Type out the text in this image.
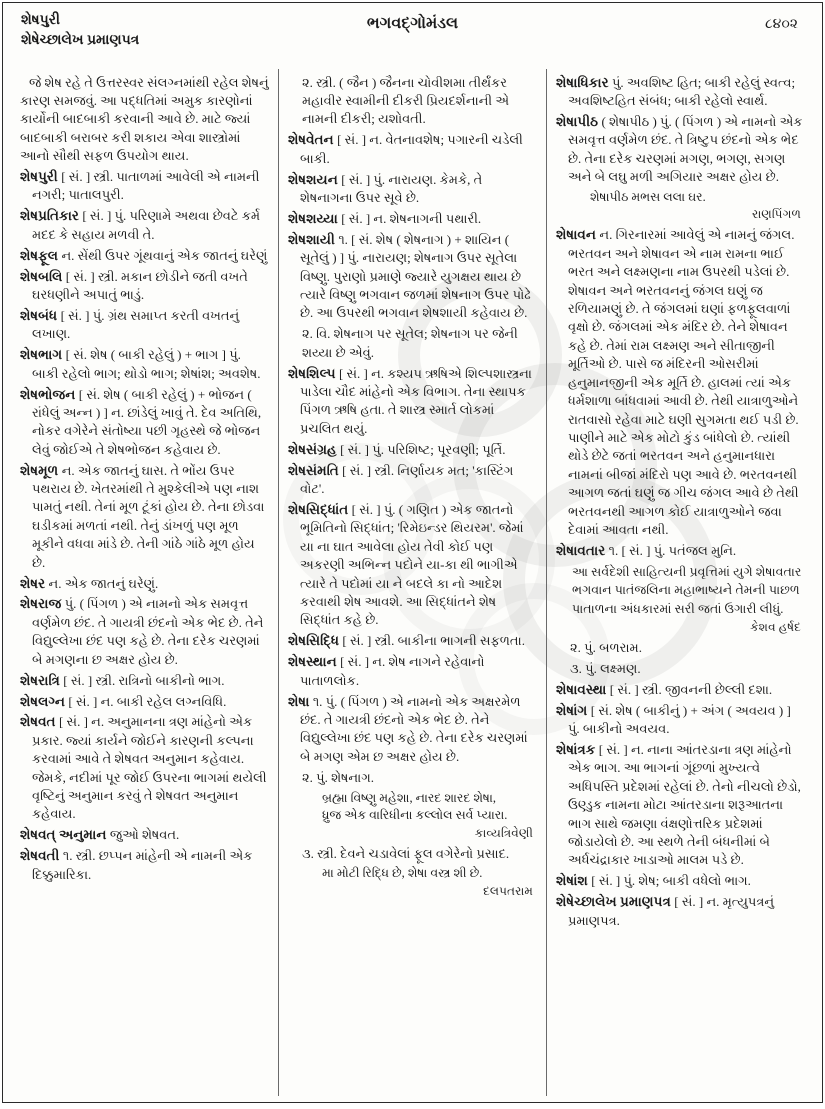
શેષપુરી
શેષેચ્છાલેખ પ્રમાણપત્ર
ભગવદ્ગોમંડલ	૮૪૦૨

જે શેષ રહે તે ઉત્તરસ્વર સંલગ્નમાંથી રહેલ શેષનું કારણ સમજવું. આ પદ્ધતિમાં અમુક કારણોનાં કાર્યોની બાદબાકી કરવાની આવે છે. માટે જ્યાં બાદબાકી બરાબર કરી શકાય એવા શાસ્ત્રોમાં આનો સૌથી સફળ ઉપયોગ થાય.

શેષપુરી [ સં. ] સ્ત્રી. પાતાળમાં આવેલી એ નામની નગરી; પાતાલપુરી.

શેષપ્રતિકાર [ સં. ] પું. પરિણામે અથવા છેવટે કર્મ મદદ કે સહાય મળવી તે.

શેષફૂલ ન. સેંથી ઉપર ગૂંથવાનું એક જાતનું ઘરેણું

શેષબલિ [ સં. ] સ્ત્રી. મકાન છોડીને જતી વખતે ઘરધણીને અપાતું ભાડું.

શેષબંધ [ સં. ] પું. ગ્રંથ સમાપ્ત કરતી વખતનું લખાણ.

શેષભાગ [ સં. શેષ ( બાકી રહેલું ) + ભાગ ] પું. બાકી રહેલો ભાગ; થોડો ભાગ; શેષાંશ; અવશેષ.

શેષભોજન [ સં. શેષ ( બાકી રહેલું ) + ભોજન ( રાંધેલું અન્ન ) ] ન. છાંડેલું ખાવું તે. દેવ અતિથિ, નોકર વગેરેને સંતોષ્યા પછી ગૃહસ્થે જે ભોજન લેવું જોઈએ તે શેષભોજન કહેવાય છે.

શેષમૂળ ન. એક જાતનું ઘાસ. તે ભોંય ઉપર પથરાય છે. ખેતરમાંથી તે મુશ્કેલીએ પણ નાશ પામતું નથી. તેનાં મૂળ ટૂંકાં હોય છે. તેના છોડવા ઘડીકમાં મળતાં નથી. તેનું ડાંખળું પણ મૂળ મૂકીને વધવા માંડે છે. તેની ગાંઠે ગાંઠે મૂળ હોય છે.

શેષર ન. એક જાતનું ઘરેણું.

શેષરાજ પું. ( પિંગળ ) એ નામનો એક સમવૃત્ત વર્ણમેળ છંદ. તે ગાયત્રી છંદનો એક ભેદ છે. તેને વિદ્યુલ્લેખા છંદ પણ કહે છે. તેના દરેક ચરણમાં બે મગણના છ અક્ષર હોય છે.

શેષરાત્રિ [ સં. ] સ્ત્રી. રાત્રિનો બાકીનો ભાગ.

શેષલગ્ન [ સં. ] ન. બાકી રહેલ લગ્નવિધિ.

શેષવત [ સં. ] ન. અનુમાનના ત્રણ માંહેનો એક પ્રકાર. જ્યાં કાર્યને જોઈને કારણની કલ્પના કરવામાં આવે તે શેષવત અનુમાન કહેવાય. જેમકે, નદીમાં પૂર જોઈ ઉપરના ભાગમાં થયેલી વૃષ્ટિનું અનુમાન કરવું તે શેષવત અનુમાન કહેવાય.

શેષવત્ અનુમાન જુઓ શેષવત.

શેષવતી ૧. સ્ત્રી. છપ્પન માંહેની એ નામની એક દિક્કુમારિકા.

૨. સ્ત્રી. ( જૈન ) જૈનના ચોવીશમા તીર્થંકર મહાવીર સ્વામીની દીકરી પ્રિયદર્શનાની એ નામની દીકરી; યશોવતી.

શેષવેતન [ સં. ] ન. વેતનાવશેષ; પગારની ચડેલી બાકી.

શેષશયન [ સં. ] પું. નારાયણ. કેમકે, તે શેષનાગના ઉપર સૂવે છે.

શેષશય્યા [ સં. ] ન. શેષનાગની પથારી.

શેષશાયી ૧. [ સં. શેષ ( શેષનાગ ) + શાયિન ( સૂતેલું ) ] પું. નારાયણ; શેષનાગ ઉપર સૂતેલા વિષ્ણુ. પુરાણો પ્રમાણે જ્યારે યુગક્ષય થાય છે ત્યારે વિષ્ણુ ભગવાન જળમાં શેષનાગ ઉપર પોઢે છે. આ ઉપરથી ભગવાન શેષશાયી કહેવાય છે.

૨. વિ. શેષનાગ પર સૂતેલ; શેષનાગ પર જેની શય્યા છે એવું.

શેષશિલ્પ [ સં. ] ન. કશ્યપ ઋષિએ શિલ્પશાસ્ત્રના પાડેલા ચૌદ માંહેનો એક વિભાગ. તેના સ્થાપક પિંગળ ઋષિ હતા. તે શાસ્ત્ર સ્માર્ત લોકમાં પ્રચલિત થયું.

શેષસંગ્રહ [ સં. ] પું. પરિશિષ્ટ; પૂરવણી; પૂર્તિ.

શેષસંમતિ [ સં. ] સ્ત્રી. નિર્ણાયક મત; 'કાસ્ટિંગ વોટ'.

શેષસિદ્ધાંત [ સં. ] પું. ( ગણિત ) એક જાતનો ભૂમિતિનો સિદ્ધાંત; 'રિમેઇન્ડર થિયરમ'. જેમાં યા ના ઘાત આવેલા હોય તેવી કોઈ પણ અકરણી અભિન્ન પદોને યા-કા થી ભાગીએ ત્યારે તે પદોમાં યા ને બદલે કા નો આદેશ કરવાથી શેષ આવશે. આ સિદ્ધાંતને શેષ સિદ્ધાંત કહે છે.

શેષસિદ્ધિ [ સં. ] સ્ત્રી. બાકીના ભાગની સફળતા.

શેષસ્થાન [ સં. ] ન. શેષ નાગને રહેવાનો પાતાળલોક.

શેષા ૧. પું. ( પિંગળ ) એ નામનો એક અક્ષરમેળ છંદ. તે ગાયત્રી છંદનો એક ભેદ છે. તેને વિદ્યુલ્લેખા છંદ પણ કહે છે. તેના દરેક ચરણમાં બે મગણ એમ છ અક્ષર હોય છે.

૨. પું. શેષનાગ.

બ્રહ્મા વિષ્ણુ મહેશા, નારદ શારદ શેષા,
ધ્રુજ એક વારિધીના કલ્લોલ સર્વ પ્યારા.
કાવ્યત્રિવેણી

૩. સ્ત્રી. દેવને ચડાવેલાં ફૂલ વગેરેનો પ્રસાદ.

મા મોટી રિદ્ધિ છે, શેષા વસ્ત્ર શી છે.
દલપતરામ

શેષાધિકાર પું. અવશિષ્ટ હિત; બાકી રહેલું સ્વત્વ; અવશિષ્ટહિત સંબંધ; બાકી રહેલો સ્વાર્થ.

શેષાપીઠ ( શેષાપીઠ ) પું. ( પિંગળ ) એ નામનો એક સમવૃત્ત વર્ણમેળ છંદ. તે ત્રિષ્ટુપ છંદનો એક ભેદ છે. તેના દરેક ચરણમાં મગણ, ભગણ, સગણ અને બે લઘુ મળી અગિયાર અક્ષર હોય છે.

શેષાપીઠ મભસ લલા ઘર.
રાણપિંગળ

શેષાવન ન. ગિરનારમાં આવેલું એ નામનું જંગલ. ભરતવન અને શેષાવન એ નામ રામના ભાઈ ભરત અને લક્ષ્મણના નામ ઉપરથી પડેલાં છે. શેષાવન અને ભરતવનનું જંગલ ઘણું જ રળિયામણું છે. તે જંગલમાં ઘણાં ફળફૂલવાળાં વૃક્ષો છે. જંગલમાં એક મંદિર છે. તેને શેષાવન કહે છે. તેમાં રામ લક્ષ્મણ અને સીતાજીની મૂર્તિઓ છે. પાસે જ મંદિરની ઓસરીમાં હનુમાનજીની એક મૂર્તિ છે. હાલમાં ત્યાં એક ધર્મશાળા બાંધવામાં આવી છે. તેથી યાત્રાળુઓને રાતવાસો રહેવા માટે ઘણી સુગમતા થઈ પડી છે. પાણીને માટે એક મોટો કુંડ બાંધેલો છે. ત્યાંથી થોડે છેટે જતાં ભરતવન અને હનુમાનધારા નામનાં બીજાં મંદિરો પણ આવે છે. ભરતવનથી આગળ જતાં ઘણું જ ગીચ જંગલ આવે છે તેથી ભરતવનથી આગળ કોઈ યાત્રાળુઓને જવા દેવામાં આવતા નથી.

શેષાવતાર ૧. [ સં. ] પું. પતંજલ મુનિ.

આ સર્વદેશી સાહિત્યની પ્રવૃત્તિમાં યુગે શેષાવતાર ભગવાન પાતંજલિના મહાભાષ્યને તેમની પાછળ પાતાળના અંધકારમાં સરી જતાં ઉગારી લીધું.
કેશવ હર્ષદ

૨. પું. બળરામ.

૩. પું. લક્ષ્મણ.

શેષાવસ્થા [ સં. ] સ્ત્રી. જીવનની છેલ્લી દશા.

શેષાંગ [ સં. શેષ ( બાકીનું ) + અંગ ( અવયવ ) ] પું. બાકીનો અવયવ.

શેષાંત્રક [ સં. ] ન. નાના આંતરડાના ત્રણ માંહેનો એક ભાગ. આ ભાગનાં ગૂંછળાં મુખ્યત્વે અધિપસ્તિ પ્રદેશમાં રહેલાં છે. તેનો નીચલો છેડો, ઉણ્ડુક નામના મોટા આંતરડાના શરૂઆતના ભાગ સાથે જમણા વંક્ષણોત્તરિક પ્રદેશમાં જોડાયેલો છે. આ સ્થળે તેની બંધનીમાં બે અર્ધચંદ્રાકાર ખાડાઓ માલમ પડે છે.

શેષાંશ [ સં. ] પું. શેષ; બાકી વધેલો ભાગ.

શેષેચ્છાલેખ પ્રમાણપત્ર [ સં. ] ન. મૃત્યુપત્રનું પ્રમાણપત્ર.
